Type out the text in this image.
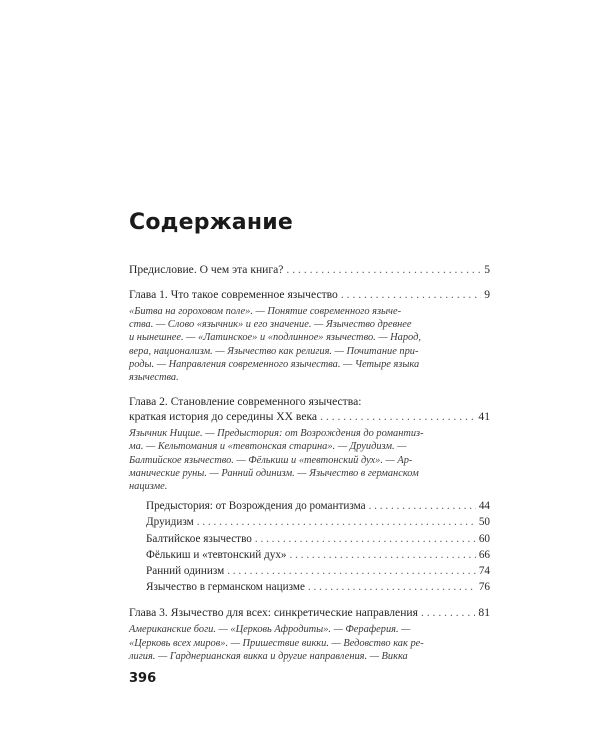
Содержание
Предисловие. О чем эта книга? . . .	5
Глава 1. Что такое современное язычество . . .	9
«Битва на гороховом поле». — Понятие современного языче-
ства. — Слово «язычник» и его значение. — Язычество древнее
и нынешнее. — «Латинское» и «подлинное» язычество. — Народ,
вера, национализм. — Язычество как религия. — Почитание при-
роды. — Направления современного язычества. — Четыре языка
язычества.
Глава 2. Становление современного язычества:
краткая история до середины XX века . . .	41
Язычник Ницше. — Предыстория: от Возрождения до романтиз-
ма. — Кельтомания и «тевтонская старина». — Друидизм. —
Балтийское язычество. — Фёлькиш и «тевтонский дух». — Ар-
манические руны. — Ранний одинизм. — Язычество в германском
нацизме.
Предыстория: от Возрождения до романтизма . . .	44
Друидизм . . .	50
Балтийское язычество . . .	60
Фёлькиш и «тевтонский дух» . . .	66
Ранний одинизм . . .	74
Язычество в германском нацизме . . .	76
Глава 3. Язычество для всех: синкретические направления . . .	81
Американские боги. — «Церковь Афродиты». — Ферaферия. —
«Церковь всех миров». — Пришествие викки. — Ведовство как ре-
лигия. — Гарднерианская викка и другие направления. — Викка
396
